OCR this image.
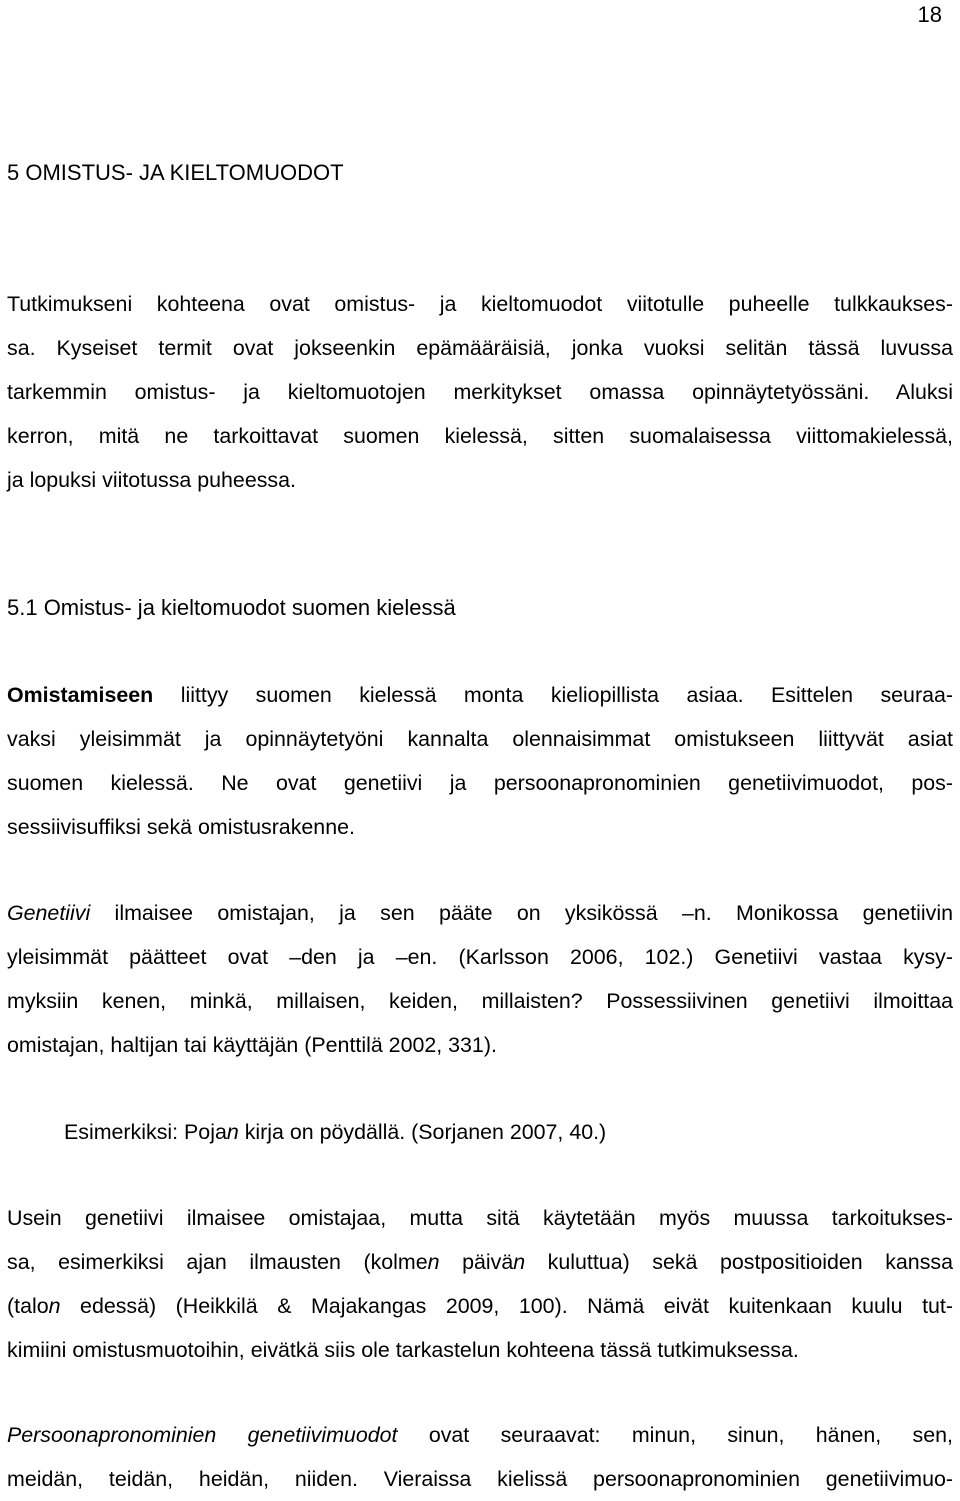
18
5 OMISTUS- JA KIELTOMUODOT
Tutkimukseni kohteena ovat omistus- ja kieltomuodot viitotulle puheelle tulkkaukses-
sa. Kyseiset termit ovat jokseenkin epämääräisiä, jonka vuoksi selitän tässä luvussa
tarkemmin omistus- ja kieltomuotojen merkitykset omassa opinnäytetyössäni. Aluksi
kerron, mitä ne tarkoittavat suomen kielessä, sitten suomalaisessa viittomakielessä,
ja lopuksi viitotussa puheessa.
5.1 Omistus- ja kieltomuodot suomen kielessä
Omistamiseen liittyy suomen kielessä monta kieliopillista asiaa. Esittelen seuraa-
vaksi yleisimmät ja opinnäytetyöni kannalta olennaisimmat omistukseen liittyvät asiat
suomen kielessä. Ne ovat genetiivi ja persoonapronominien genetiivimuodot, pos-
sessiivisuffiksi sekä omistusrakenne.
Genetiivi ilmaisee omistajan, ja sen pääte on yksikössä –n. Monikossa genetiivin
yleisimmät päätteet ovat –den ja –en. (Karlsson 2006, 102.) Genetiivi vastaa kysy-
myksiin kenen, minkä, millaisen, keiden, millaisten? Possessiivinen genetiivi ilmoittaa
omistajan, haltijan tai käyttäjän (Penttilä 2002, 331).

Esimerkiksi: Pojan kirja on pöydällä. (Sorjanen 2007, 40.)

Usein genetiivi ilmaisee omistajaa, mutta sitä käytetään myös muussa tarkoitukses-
sa, esimerkiksi ajan ilmausten (kolmen päivän kuluttua) sekä postpositioiden kanssa
(talon edessä) (Heikkilä & Majakangas 2009, 100). Nämä eivät kuitenkaan kuulu tut-
kimiini omistusmuotoihin, eivätkä siis ole tarkastelun kohteena tässä tutkimuksessa.
Persoonapronominien genetiivimuodot ovat seuraavat: minun, sinun, hänen, sen,
meidän, teidän, heidän, niiden. Vieraissa kielissä persoonapronominien genetiivimuo-
